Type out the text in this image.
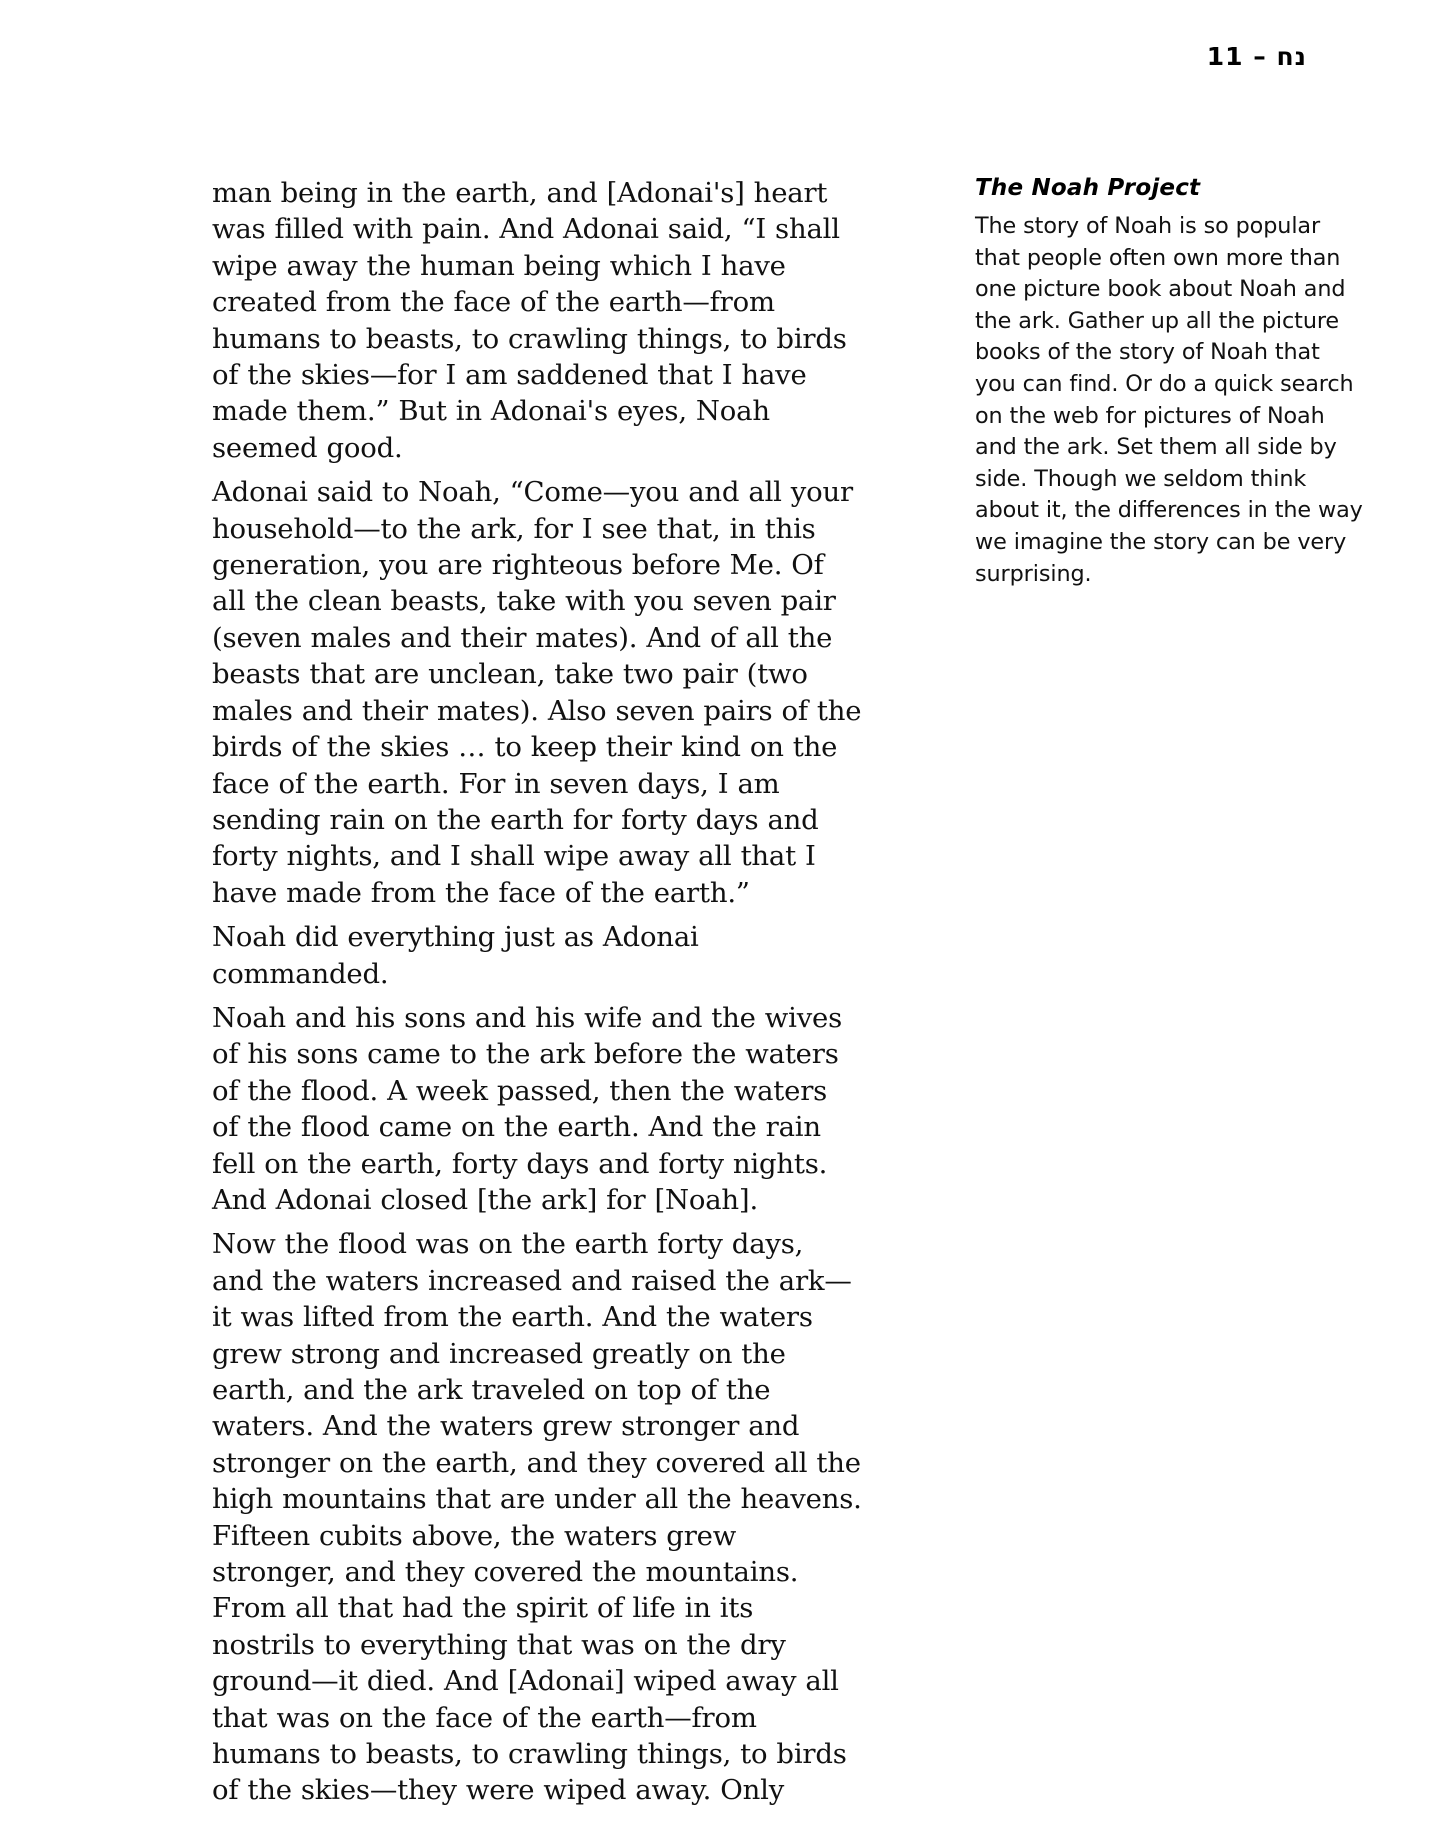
נח – 11

man being in the earth, and [Adonai's] heart was filled with pain. And Adonai said, “I shall wipe away the human being which I have created from the face of the earth—from humans to beasts, to crawling things, to birds of the skies—for I am saddened that I have made them.” But in Adonai's eyes, Noah seemed good.

Adonai said to Noah, “Come—you and all your household—to the ark, for I see that, in this generation, you are righteous before Me. Of all the clean beasts, take with you seven pair (seven males and their mates). And of all the beasts that are unclean, take two pair (two males and their mates). Also seven pairs of the birds of the skies … to keep their kind on the face of the earth. For in seven days, I am sending rain on the earth for forty days and forty nights, and I shall wipe away all that I have made from the face of the earth.”

Noah did everything just as Adonai commanded.

Noah and his sons and his wife and the wives of his sons came to the ark before the waters of the flood. A week passed, then the waters of the flood came on the earth. And the rain fell on the earth, forty days and forty nights. And Adonai closed [the ark] for [Noah].

Now the flood was on the earth forty days, and the waters increased and raised the ark—it was lifted from the earth. And the waters grew strong and increased greatly on the earth, and the ark traveled on top of the waters. And the waters grew stronger and stronger on the earth, and they covered all the high mountains that are under all the heavens. Fifteen cubits above, the waters grew stronger, and they covered the mountains. From all that had the spirit of life in its nostrils to everything that was on the dry ground—it died. And [Adonai] wiped away all that was on the face of the earth—from humans to beasts, to crawling things, to birds of the skies—they were wiped away. Only

The Noah Project

The story of Noah is so popular that people often own more than one picture book about Noah and the ark. Gather up all the picture books of the story of Noah that you can find. Or do a quick search on the web for pictures of Noah and the ark. Set them all side by side. Though we seldom think about it, the differences in the way we imagine the story can be very surprising.
